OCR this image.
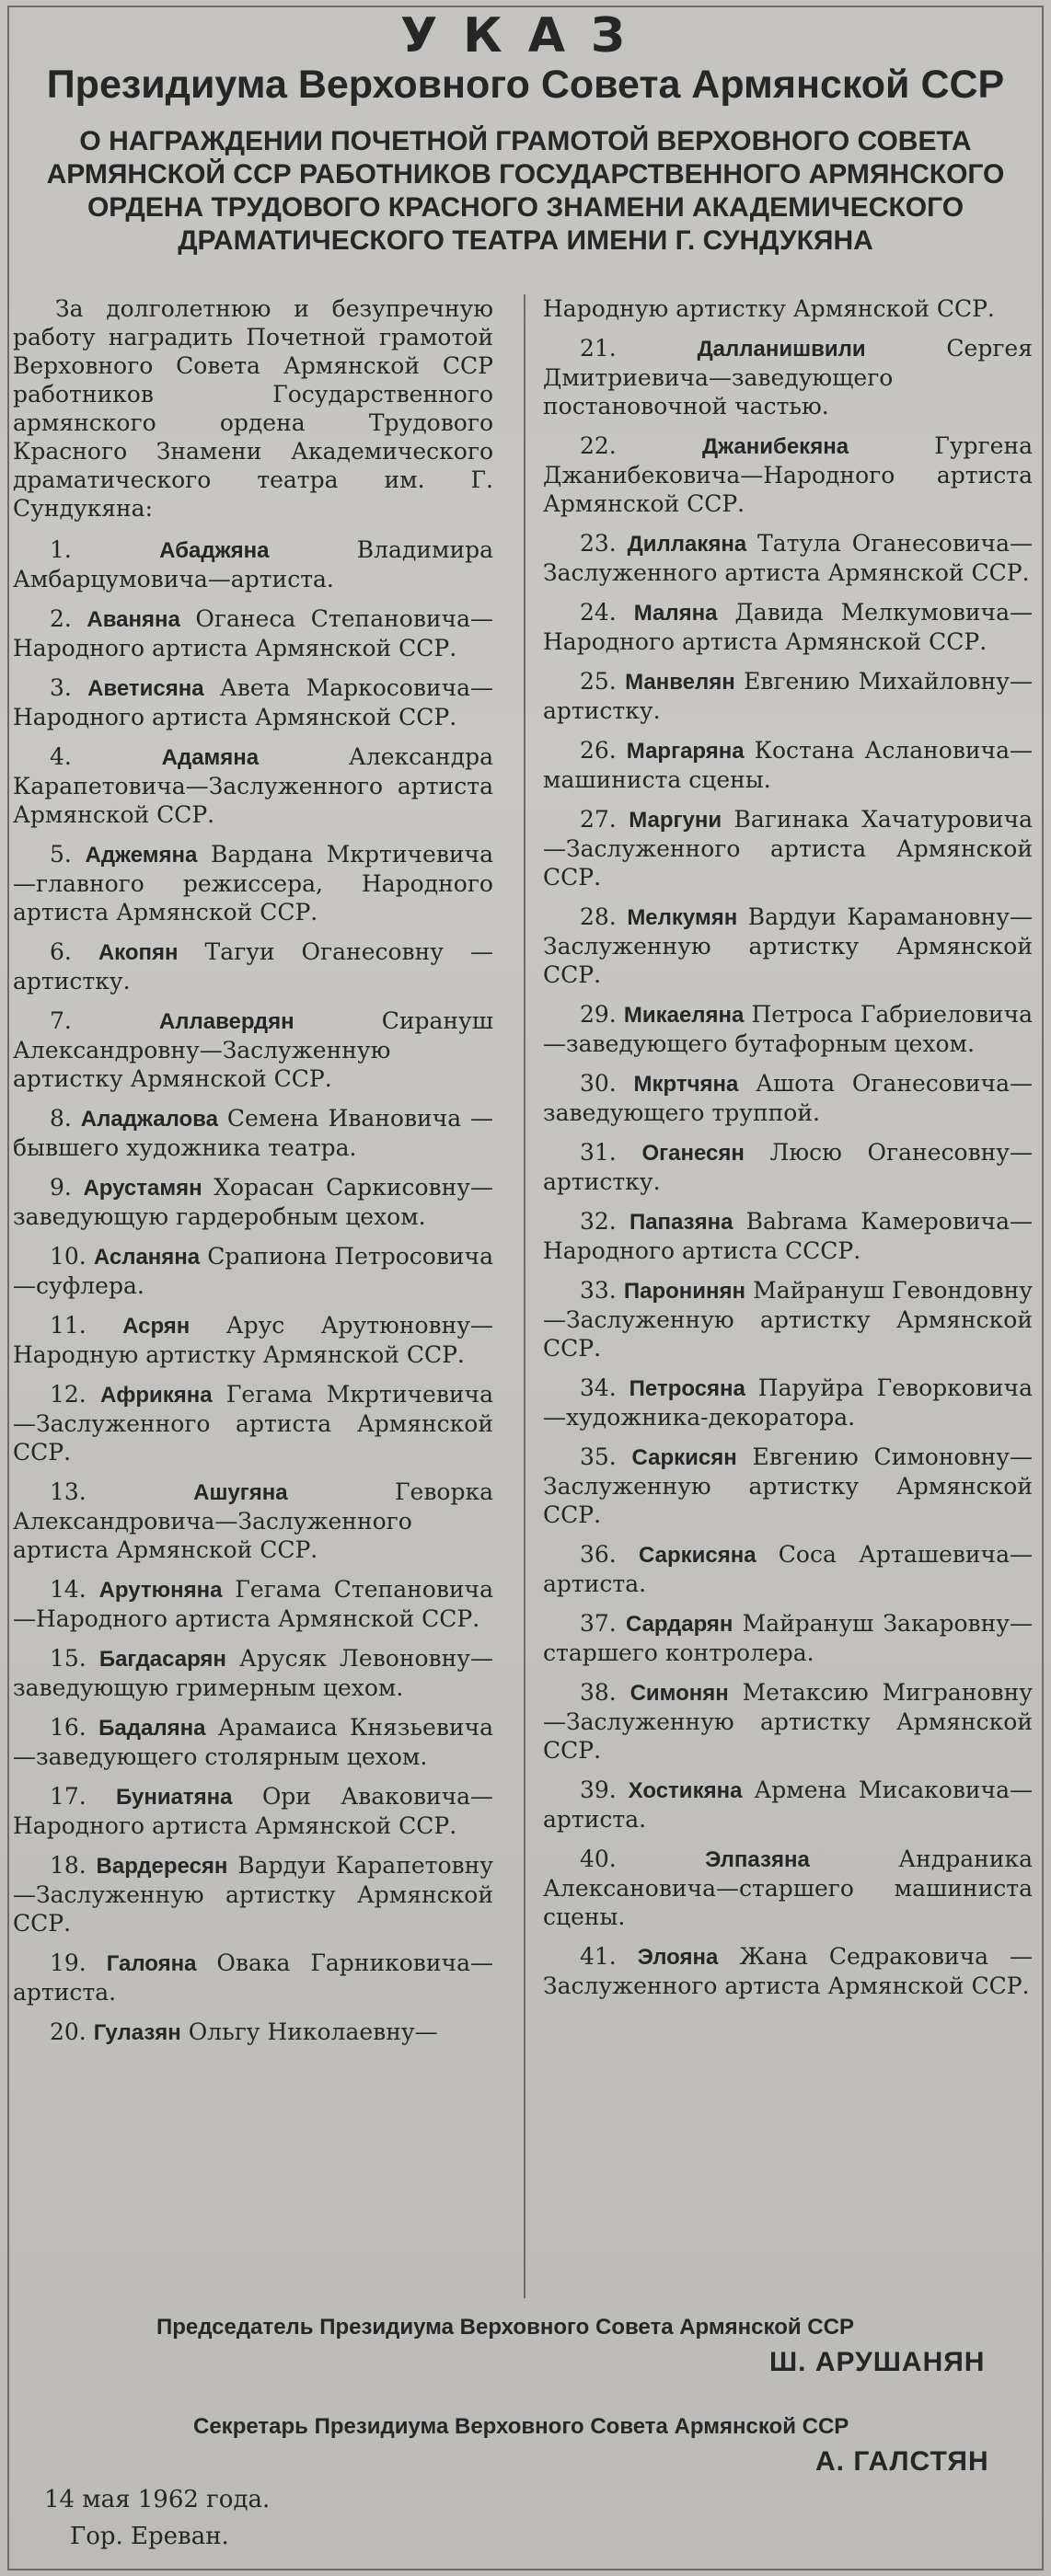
УКАЗ
Президиума Верховного Совета Армянской ССР
О НАГРАЖДЕНИИ ПОЧЕТНОЙ ГРАМОТОЙ ВЕРХОВНОГО СОВЕТА
АРМЯНСКОЙ ССР РАБОТНИКОВ ГОСУДАРСТВЕННОГО АРМЯНСКОГО
ОРДЕНА ТРУДОВОГО КРАСНОГО ЗНАМЕНИ АКАДЕМИЧЕСКОГО
ДРАМАТИЧЕСКОГО ТЕАТРА ИМЕНИ Г. СУНДУКЯНА

За долголетнюю и безупречную работу наградить Почетной грамотой Верховного Совета Армянской ССР работников Государственного армянского ордена Трудового Красного Знамени Академического драматического театра им. Г. Сундукяна:

1.	Абаджяна	Владимира Амбарцумовича—артиста.

2. Аваняна Оганеса Степановича—Народного артиста Армянской ССР.

3. Аветисяна Авета Маркосовича—Народного артиста Армянской ССР.

4.	Адамяна	Александра Карапетовича—Заслуженного артиста Армянской ССР.

5. Аджемяна Вардана Мкртичевича—главного режиссера, Народного артиста Армянской ССР.

6. Акопян Тагуи Оганесовну — артистку.

7.	Аллавердян	Сирануш Александровну—Заслуженную артистку Армянской ССР.

8. Аладжалова Семена Ивановича — бывшего художника театра.

9. Арустамян Хорасан Саркисовну—заведующую гардеробным цехом.

10. Асланяна Срапиона Петросовича—суфлера.

11. Асрян Арус Арутюновну—Народную артистку Армянской ССР.

12. Африкяна Гегама Мкртичевича—Заслуженного артиста Армянской ССР.

13.	Ашугяна	Геворка Александровича—Заслуженного артиста Армянской ССР.

14. Арутюняна Гегама Степановича—Народного артиста Армянской ССР.

15. Багдасарян Арусяк Левоновну—заведующую гримерным цехом.

16. Бадаляна Арамаиса Князьевича—заведующего столярным цехом.

17. Буниатяна Ори Аваковича—Народного артиста Армянской ССР.

18. Вардересян Вардуи Карапетовну—Заслуженную артистку Армянской ССР.

19. Галояна Овака Гарниковича—артиста.

20. Гулазян Ольгу Николаевну—

Народную артистку Армянской ССР.

21.	Далланишвили	Сергея Дмитриевича—заведующего постановочной частью.

22.	Джанибекяна	Гургена Джанибековича—Народного артиста Армянской ССР.

23. Диллакяна Татула Оганесовича—Заслуженного артиста Армянской ССР.

24. Маляна Давида Мелкумовича—Народного артиста Армянской ССР.

25. Манвелян Евгению Михайловну—артистку.

26. Маргаряна Костана Аслановича—машиниста сцены.

27. Маргуни Вагинака Хачатуровича—Заслуженного артиста Армянской ССР.

28. Мелкумян Вардуи Карамановну—Заслуженную артистку Армянской ССР.

29. Микаеляна Петроса Габриеловича—заведующего бутафорным цехом.

30. Мкртчяна Ашота Оганесовича—заведующего труппой.

31. Оганесян Люсю Оганесовну—артистку.

32. Папазяна Babrама Камеровича—Народного артиста СССР.

33. Паронинян Майрануш Гевондовну—Заслуженную артистку Армянской ССР.

34. Петросяна Паруйра Геворковича—художника-декоратора.

35. Саркисян Евгению Симоновну—Заслуженную артистку Армянской ССР.

36. Саркисяна Соса Арташевича—артиста.

37. Сардарян Майрануш Закаровну—старшего контролера.

38. Симонян Метаксию Миграновну—Заслуженную артистку Армянской ССР.

39. Хостикяна Армена Мисаковича—артиста.

40.	Элпазяна	Андраника Алексановича—старшего машиниста сцены.

41. Элояна Жана Седраковича — Заслуженного артиста Армянской ССР.

Председатель Президиума Верховного Совета Армянской ССР
Ш. АРУШАНЯН
Секретарь Президиума Верховного Совета Армянской ССР
А. ГАЛСТЯН
14 мая 1962 года.
Гор. Ереван.
